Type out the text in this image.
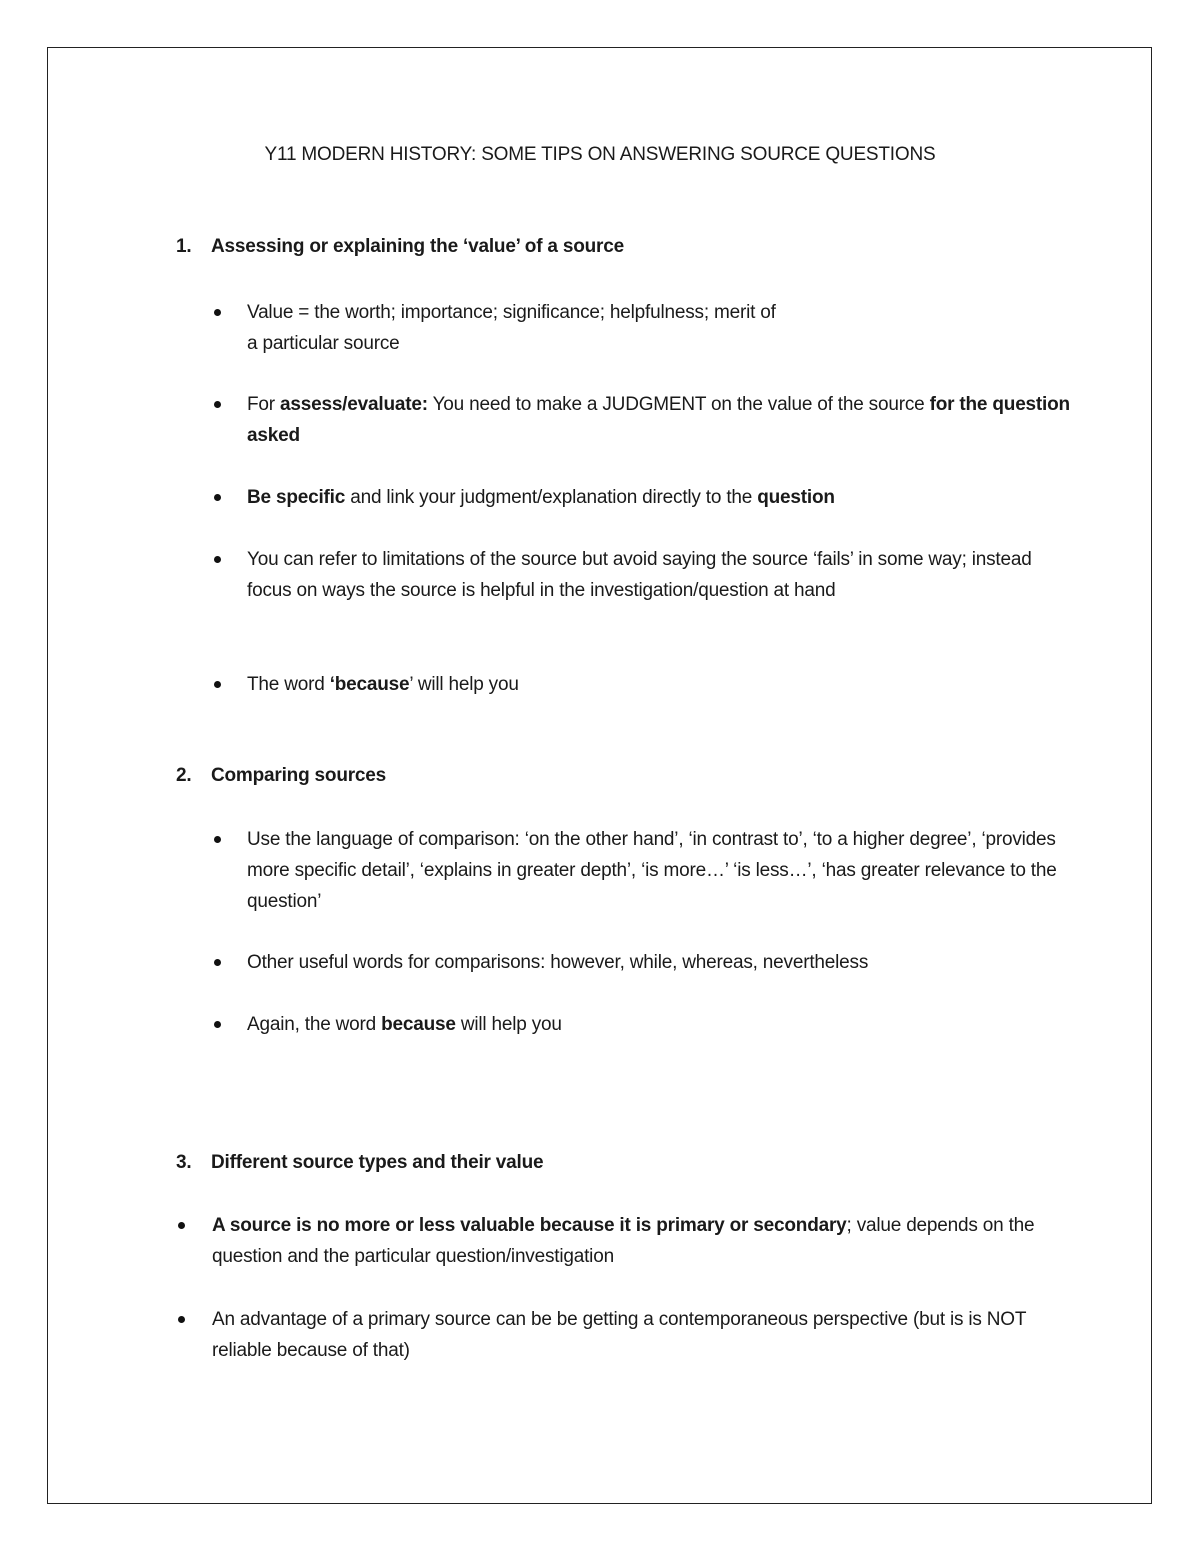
Y11 MODERN HISTORY: SOME TIPS ON ANSWERING SOURCE QUESTIONS
1. Assessing or explaining the ‘value’ of a source
Value = the worth; importance; significance; helpfulness; merit of
a particular source
For assess/evaluate: You need to make a JUDGMENT on the value of the source for the question asked
Be specific and link your judgment/explanation directly to the question
You can refer to limitations of the source but avoid saying the source ‘fails’ in some way; instead focus on ways the source is helpful in the investigation/question at hand
The word ‘because’ will help you
2. Comparing sources
Use the language of comparison: ‘on the other hand’, ‘in contrast to’, ‘to a higher degree’, ‘provides more specific detail’, ‘explains in greater depth’, ‘is more…’ ‘is less…’, ‘has greater relevance to the question’
Other useful words for comparisons: however, while, whereas, nevertheless
Again, the word because will help you
3. Different source types and their value
A source is no more or less valuable because it is primary or secondary; value depends on the question and the particular question/investigation
An advantage of a primary source can be be getting a contemporaneous perspective (but is is NOT reliable because of that)
